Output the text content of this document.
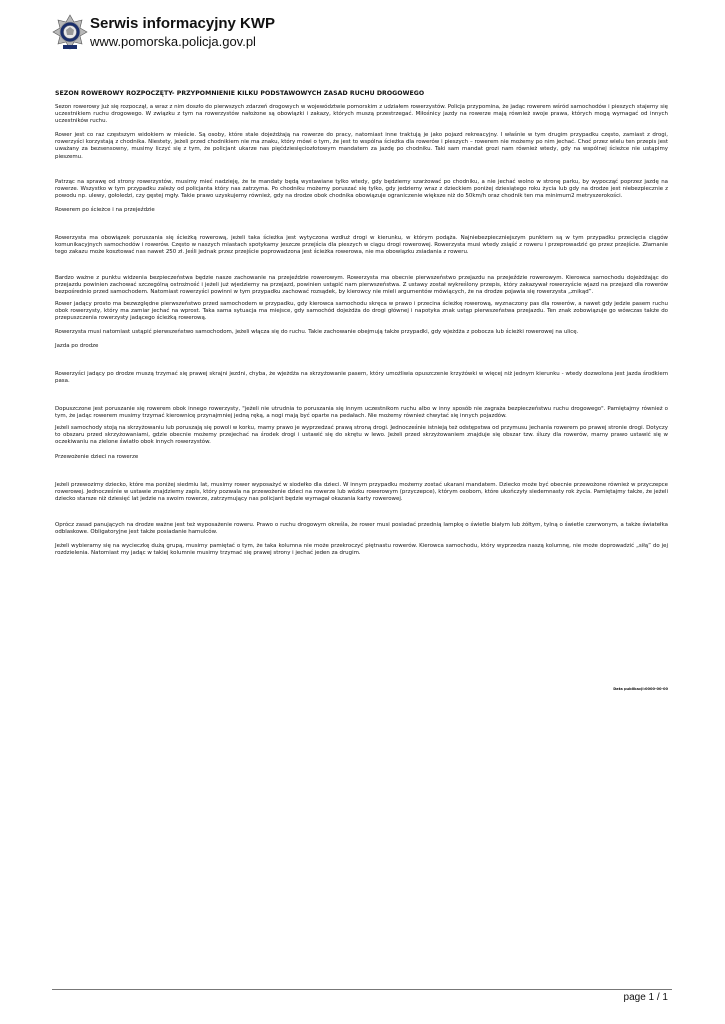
Serwis informacyjny KWP
www.pomorska.policja.gov.pl
SEZON ROWEROWY ROZPOCZĘTY- PRZYPOMNIENIE KILKU PODSTAWOWYCH ZASAD RUCHU DROGOWEGO

Sezon rowerowy już się rozpoczął, a wraz z nim doszło do pierwszych zdarzeń drogowych w województwie pomorskim z udziałem rowerzystów. Policja przypomina, że jadąc rowerem wśród samochodów i pieszych stajemy się uczestnikiem ruchu drogowego. W związku z tym na rowerzystów nałożone są obowiązki i zakazy, których muszą przestrzegać. Miłośnicy jazdy na rowerze mają również swoje prawa, których mogą wymagać od innych uczestników ruchu.

Rower jest co raz częstszym widokiem w mieście. Są osoby, które stale dojeżdżają na rowerze do pracy, natomiast inne traktują je jako pojazd rekreacyjny. I właśnie w tym drugim przypadku często, zamiast z drogi, rowerzyści korzystają z chodnika. Niestety, jeżeli przed chodnikiem nie ma znaku, który mówi o tym, że jest to wspólna ścieżka dla rowerów i pieszych – rowerem nie możemy po nim jechać. Choć przez wielu ten przepis jest uważany za bezsensowny, musimy liczyć się z tym, że policjant ukarze nas pięćdziesięciozłotowym mandatem za jazdę po chodniku. Taki sam mandat grozi nam również wtedy, gdy na wspólnej ścieżce nie ustąpimy pieszemu.

Patrząc na sprawę od strony rowerzystów, musimy mieć nadzieję, że te mandaty będą wystawiane tylko wtedy, gdy będziemy szarżować po chodniku, a nie jechać wolno w stronę parku, by wypocząć poprzez jazdę na rowerze. Wszystko w tym przypadku zależy od policjanta który nas zatrzyma. Po chodniku możemy poruszać się tylko, gdy jedziemy wraz z dzieckiem poniżej dziesiątego roku życia lub gdy na drodze jest niebezpiecznie z powodu np. ulewy, gołoledzi, czy gęstej mgły. Takie prawo uzyskujemy również, gdy na drodze obok chodnika obowiązuje ograniczenie większe niż do 50km/h oraz chodnik ten ma minimum2 metryszerokości.

Rowerem po ścieżce i na przejeździe

Rowerzysta ma obowiązek poruszania się ścieżką rowerową, jeżeli taka ścieżka jest wytyczona wzdłuż drogi w kierunku, w którym podąża. Najniebezpieczniejszym punktem są w tym przypadku przecięcia ciągów komunikacyjnych samochodów i rowerów. Często w naszych miastach spotykamy jeszcze przejścia dla pieszych w ciągu drogi rowerowej. Rowerzysta musi wtedy zsiąść z roweru i przeprowadzić go przez przejście. Złamanie tego zakazu może kosztować nas nawet 250 zł. Jeśli jednak przez przejście poprowadzona jest ścieżka rowerowa, nie ma obowiązku zsiadania z roweru.

Bardzo ważne z punktu widzenia bezpieczeństwa będzie nasze zachowanie na przejeździe rowerowym. Rowerzysta ma obecnie pierwszeństwo przejazdu na przejeździe rowerowym. Kierowca samochodu dojeżdżając do przejazdu powinien zachować szczególną ostrożność i jeżeli już wjedziemy na przejazd, powinien ustąpić nam pierwszeństwa. Z ustawy został wykreślony przepis, który zakazywał rowerzyście wjazd na przejazd dla rowerów bezpośrednio przed samochodem. Natomiast rowerzyści powinni w tym przypadku zachować rozsądek, by kierowcy nie mieli argumentów mówiących, że na drodze pojawia się rowerzysta „znikąd”.

Rower jadący prosto ma bezwzględne pierwszeństwo przed samochodem w przypadku, gdy kierowca samochodu skręca w prawo i przecina ścieżkę rowerową, wyznaczony pas dla rowerów, a nawet gdy jedzie pasem ruchu obok rowerzysty, który ma zamiar jechać na wprost. Taka sama sytuacja ma miejsce, gdy samochód dojeżdża do drogi głównej i napotyka znak ustąp pierwszeństwa przejazdu. Ten znak zobowiązuje go wówczas także do przepuszczenia rowerzysty jadącego ścieżką rowerową.

Rowerzysta musi natomiast ustąpić pierwszeństwo samochodom, jeżeli włącza się do ruchu. Takie zachowanie obejmują także przypadki, gdy wjeżdża z pobocza lub ścieżki rowerowej na ulicę.

Jazda po drodze

Rowerzyści jadący po drodze muszą trzymać się prawej skrajni jezdni, chyba, że wjeżdża na skrzyżowanie pasem, który umożliwia opuszczenie krzyżówki w więcej niż jednym kierunku - wtedy dozwolona jest jazda środkiem pasa.

Dopuszczone jest poruszanie się rowerem obok innego rowerzysty, "jeżeli nie utrudnia to poruszania się innym uczestnikom ruchu albo w inny sposób nie zagraża bezpieczeństwu ruchu drogowego". Pamiętajmy również o tym, że jadąc rowerem musimy trzymać kierownicę przynajmniej jedną ręką, a nogi mają być oparte na pedałach. Nie możemy również chwytać się innych pojazdów.

Jeżeli samochody stoją na skrzyżowaniu lub poruszają się powoli w korku, mamy prawo je wyprzedzać prawą stroną drogi. Jednocześnie istnieją też odstępstwa od przymusu jechania rowerem po prawej stronie drogi. Dotyczy to obszaru przed skrzyżowaniami, gdzie obecnie możemy przejechać na środek drogi i ustawić się do skrętu w lewo. Jeżeli przed skrzyżowaniem znajduje się obszar tzw. śluzy dla rowerów, mamy prawo ustawić się w oczekiwaniu na zielone światło obok innych rowerzystów.

Przewożenie dzieci na rowerze

Jeżeli przewozimy dziecko, które ma poniżej siedmiu lat, musimy rower wyposażyć w siodełko dla dzieci. W innym przypadku możemy zostać ukarani mandatem. Dziecko może być obecnie przewożone również w przyczepce rowerowej. Jednocześnie w ustawie znajdziemy zapis, który pozwala na przewożenie dzieci na rowerze lub wózku rowerowym (przyczepce), którym osobom, które ukończyły siedemnasty rok życia. Pamiętajmy także, że jeżeli dziecko starsze niż dziesięć lat jedzie na swoim rowerze, zatrzymujący nas policjant będzie wymagał okazania karty rowerowej.

Oprócz zasad panujących na drodze ważne jest też wyposażenie roweru. Prawo o ruchu drogowym określa, że rower musi posiadać przednią lampkę o świetle białym lub żółtym, tylną o świetle czerwonym, a także światełka odblaskowe. Obligatoryjne jest także posiadanie hamulców.

Jeżeli wybieramy się na wycieczkę dużą grupą, musimy pamiętać o tym, że taka kolumna nie może przekroczyć piętnastu rowerów. Kierowca samochodu, który wyprzedza naszą kolumnę, nie może doprowadzić „siłą” do jej rozdzielenia. Natomiast my jadąc w takiej kolumnie musimy trzymać się prawej strony i jechać jeden za drugim.

Data publikacji:0000-00-00
page 1 / 1
